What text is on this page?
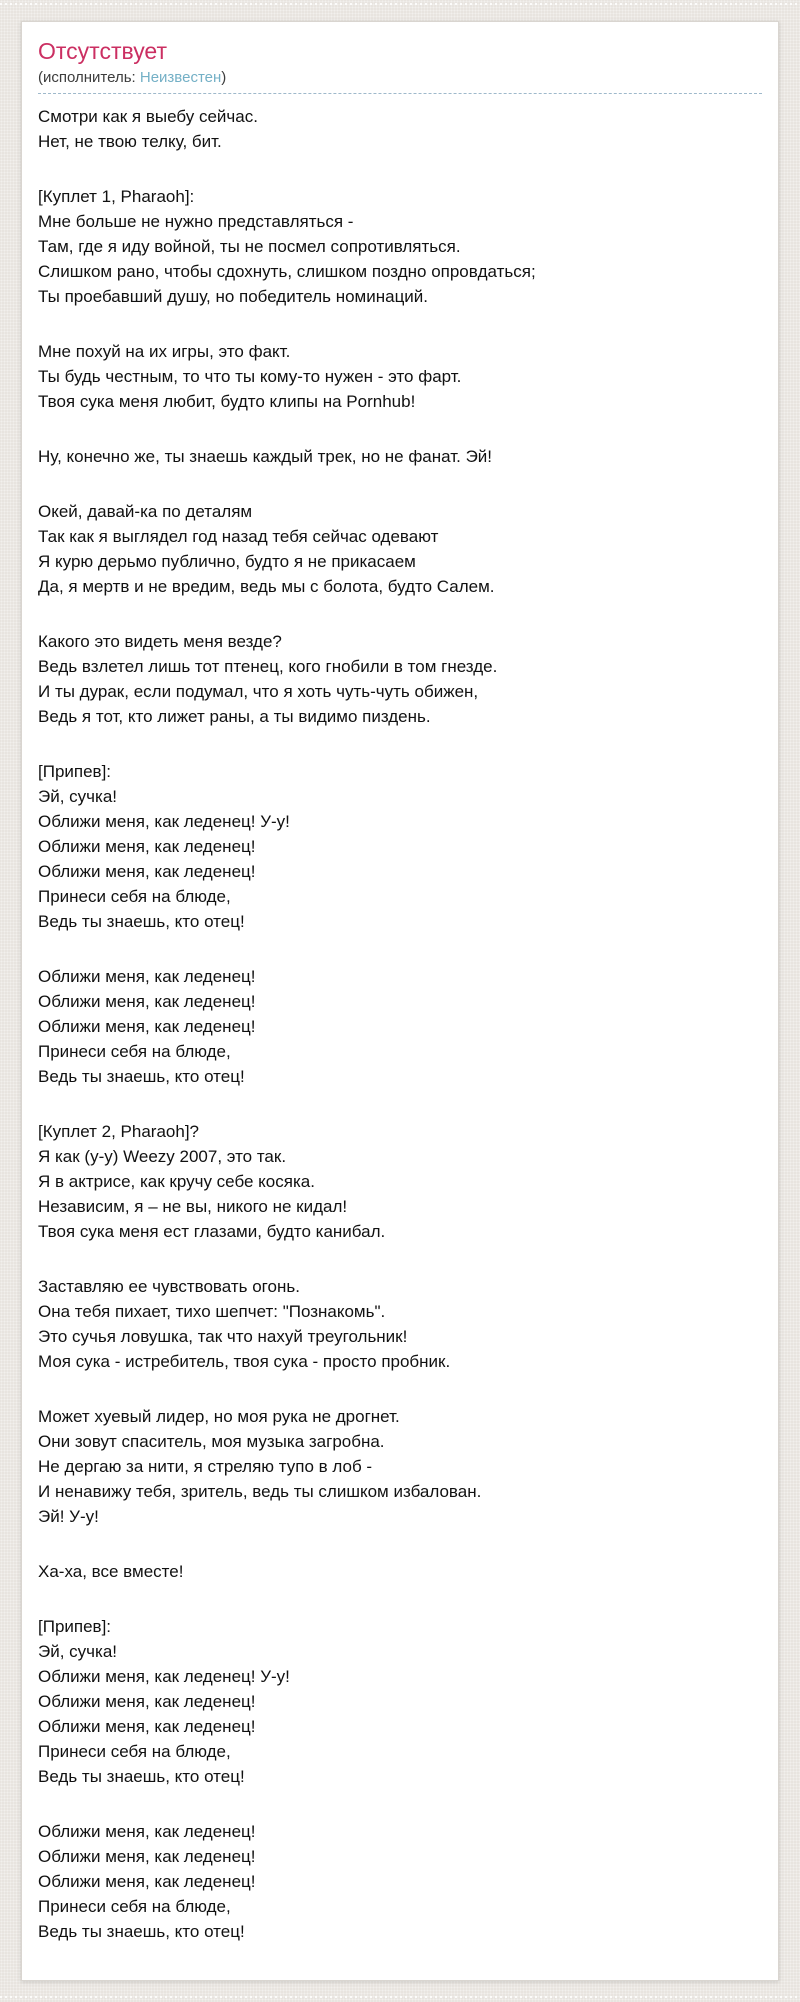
Отсутствует
(исполнитель: Неизвестен)

Смотри как я выебу сейчас.
Нет, не твою телку, бит.

[Куплет 1, Pharaoh]:
Мне больше не нужно представляться -
Там, где я иду войной, ты не посмел сопротивляться.
Слишком рано, чтобы сдохнуть, слишком поздно опровдаться;
Ты проебавший душу, но победитель номинаций.

Мне похуй на их игры, это факт.
Ты будь честным, то что ты кому-то нужен - это фарт.
Твоя сука меня любит, будто клипы на Pornhub!

Ну, конечно же, ты знаешь каждый трек, но не фанат. Эй!

Окей, давай-ка по деталям
Так как я выглядел год назад тебя сейчас одевают
Я курю дерьмо публично, будто я не прикасаем
Да, я мертв и не вредим, ведь мы с болота, будто Салем.

Какого это видеть меня везде?
Ведь взлетел лишь тот птенец, кого гнобили в том гнезде.
И ты дурак, если подумал, что я хоть чуть-чуть обижен,
Ведь я тот, кто лижет раны, а ты видимо пиздень.

[Припев]:
Эй, сучка!
Оближи меня, как леденец! У-у!
Оближи меня, как леденец!
Оближи меня, как леденец!
Принеси себя на блюде,
Ведь ты знаешь, кто отец!

Оближи меня, как леденец!
Оближи меня, как леденец!
Оближи меня, как леденец!
Принеси себя на блюде,
Ведь ты знаешь, кто отец!

[Куплет 2, Pharaoh]?
Я как (у-у) Weezy 2007, это так.
Я в актрисе, как кручу себе косяка.
Независим, я – не вы, никого не кидал!
Твоя сука меня ест глазами, будто канибал.

Заставляю ее чувствовать огонь.
Она тебя пихает, тихо шепчет: "Познакомь".
Это сучья ловушка, так что нахуй треугольник!
Моя сука - истребитель, твоя сука - просто пробник.

Может хуевый лидер, но моя рука не дрогнет.
Они зовут спаситель, моя музыка загробна.
Не дергаю за нити, я стреляю тупо в лоб -
И ненавижу тебя, зритель, ведь ты слишком избалован.
Эй! У-у!

Ха-ха, все вместе!

[Припев]:
Эй, сучка!
Оближи меня, как леденец! У-у!
Оближи меня, как леденец!
Оближи меня, как леденец!
Принеси себя на блюде,
Ведь ты знаешь, кто отец!

Оближи меня, как леденец!
Оближи меня, как леденец!
Оближи меня, как леденец!
Принеси себя на блюде,
Ведь ты знаешь, кто отец!
